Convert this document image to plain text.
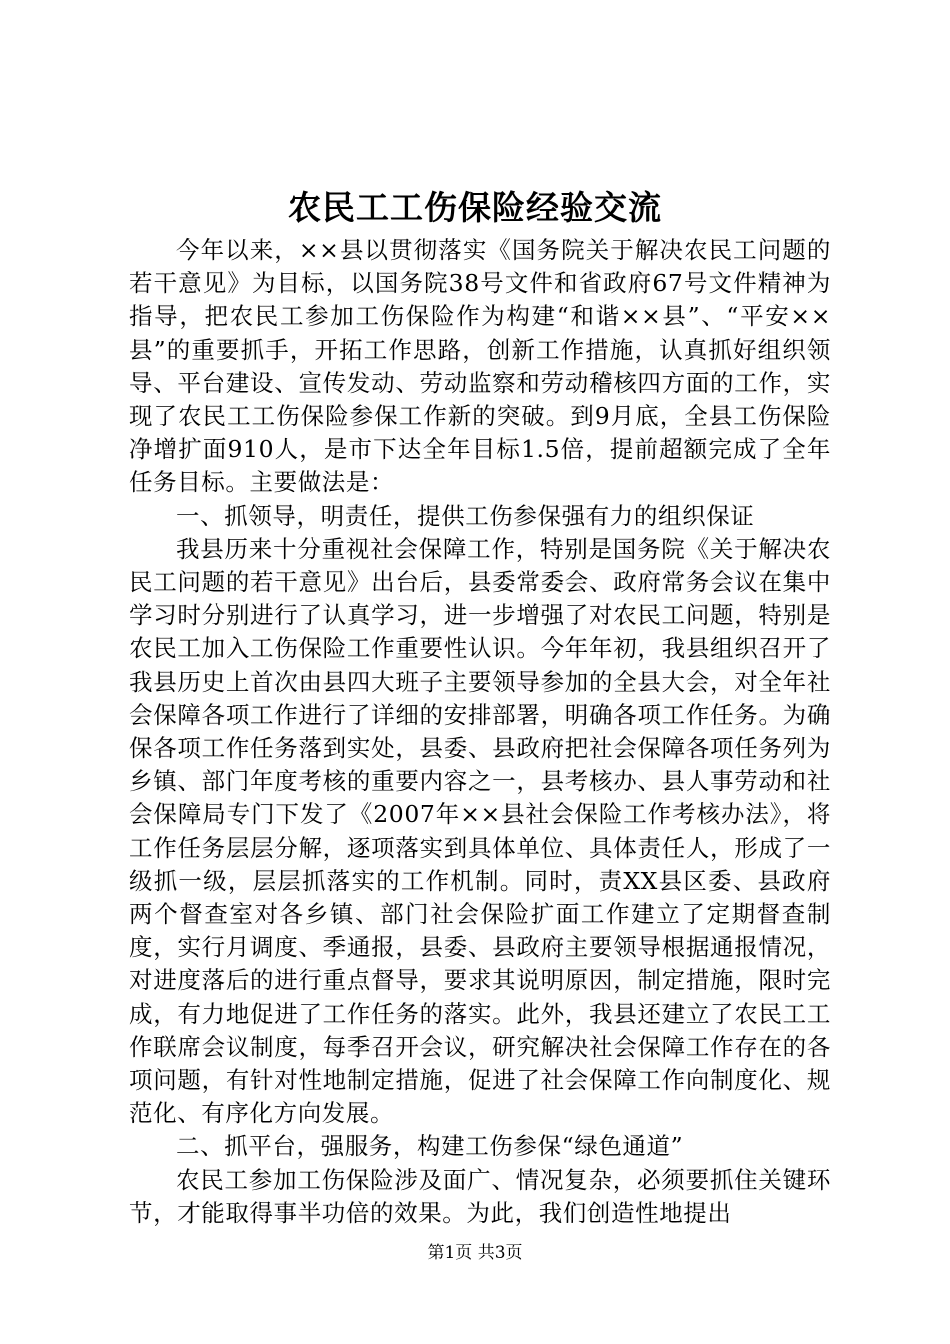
农民工工伤保险经验交流

今年以来，××县以贯彻落实《国务院关于解决农民工问题的若干意见》为目标，以国务院38号文件和省政府67号文件精神为指导，把农民工参加工伤保险作为构建“和谐××县”、“平安××县”的重要抓手，开拓工作思路，创新工作措施，认真抓好组织领导、平台建设、宣传发动、劳动监察和劳动稽核四方面的工作，实现了农民工工伤保险参保工作新的突破。到9月底，全县工伤保险净增扩面910人，是市下达全年目标1.5倍，提前超额完成了全年任务目标。主要做法是：

一、抓领导，明责任，提供工伤参保强有力的组织保证

我县历来十分重视社会保障工作，特别是国务院《关于解决农民工问题的若干意见》出台后，县委常委会、政府常务会议在集中学习时分别进行了认真学习，进一步增强了对农民工问题，特别是农民工加入工伤保险工作重要性认识。今年年初，我县组织召开了我县历史上首次由县四大班子主要领导参加的全县大会，对全年社会保障各项工作进行了详细的安排部署，明确各项工作任务。为确保各项工作任务落到实处，县委、县政府把社会保障各项任务列为乡镇、部门年度考核的重要内容之一，县考核办、县人事劳动和社会保障局专门下发了《2007年××县社会保险工作考核办法》，将工作任务层层分解，逐项落实到具体单位、具体责任人，形成了一级抓一级，层层抓落实的工作机制。同时，责XX县区委、县政府两个督查室对各乡镇、部门社会保险扩面工作建立了定期督查制度，实行月调度、季通报，县委、县政府主要领导根据通报情况，对进度落后的进行重点督导，要求其说明原因，制定措施，限时完成，有力地促进了工作任务的落实。此外，我县还建立了农民工工作联席会议制度，每季召开会议，研究解决社会保障工作存在的各项问题，有针对性地制定措施，促进了社会保障工作向制度化、规范化、有序化方向发展。

二、抓平台，强服务，构建工伤参保“绿色通道”

农民工参加工伤保险涉及面广、情况复杂，必须要抓住关键环节，才能取得事半功倍的效果。为此，我们创造性地提出

第1页 共3页
